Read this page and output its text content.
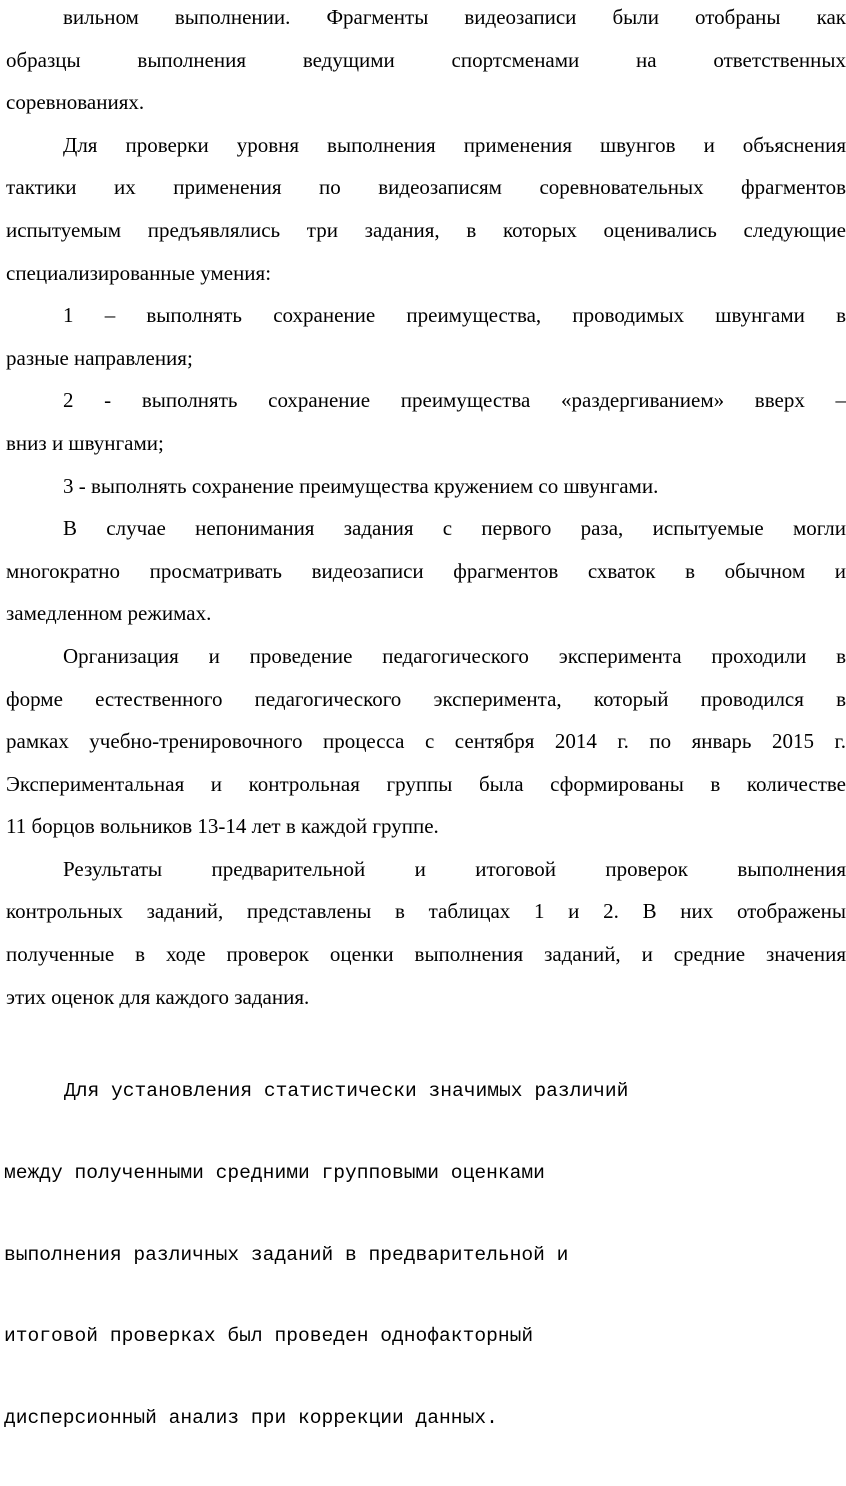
вильном выполнении. Фрагменты видеозаписи были отобраны как
образцы выполнения ведущими спортсменами на ответственных
соревнованиях.
Для проверки уровня выполнения применения швунгов и объяснения
тактики их применения по видеозаписям соревновательных фрагментов
испытуемым предъявлялись три задания, в которых оценивались следующие
специализированные умения:
1 – выполнять сохранение преимущества, проводимых швунгами в
разные направления;
2 - выполнять сохранение преимущества «раздергиванием» вверх –
вниз и швунгами;
3 - выполнять сохранение преимущества кружением со швунгами.
В случае непонимания задания с первого раза, испытуемые могли
многократно просматривать видеозаписи фрагментов схваток в обычном и
замедленном режимах.
Организация и проведение педагогического эксперимента проходили в
форме естественного педагогического эксперимента, который проводился в
рамках учебно-тренировочного процесса с сентября 2014 г. по январь 2015 г.
Экспериментальная и контрольная группы была сформированы в количестве
11 борцов вольников 13-14 лет в каждой группе.
Результаты предварительной и итоговой проверок выполнения
контрольных заданий, представлены в таблицах 1 и 2. В них отображены
полученные в ходе проверок оценки выполнения заданий, и средние значения
этих оценок для каждого задания.

Для установления статистически значимых различий

между полученными средними групповыми оценками

выполнения различных заданий в предварительной и

итоговой проверках был проведен однофакторный

дисперсионный анализ при коррекции данных.
